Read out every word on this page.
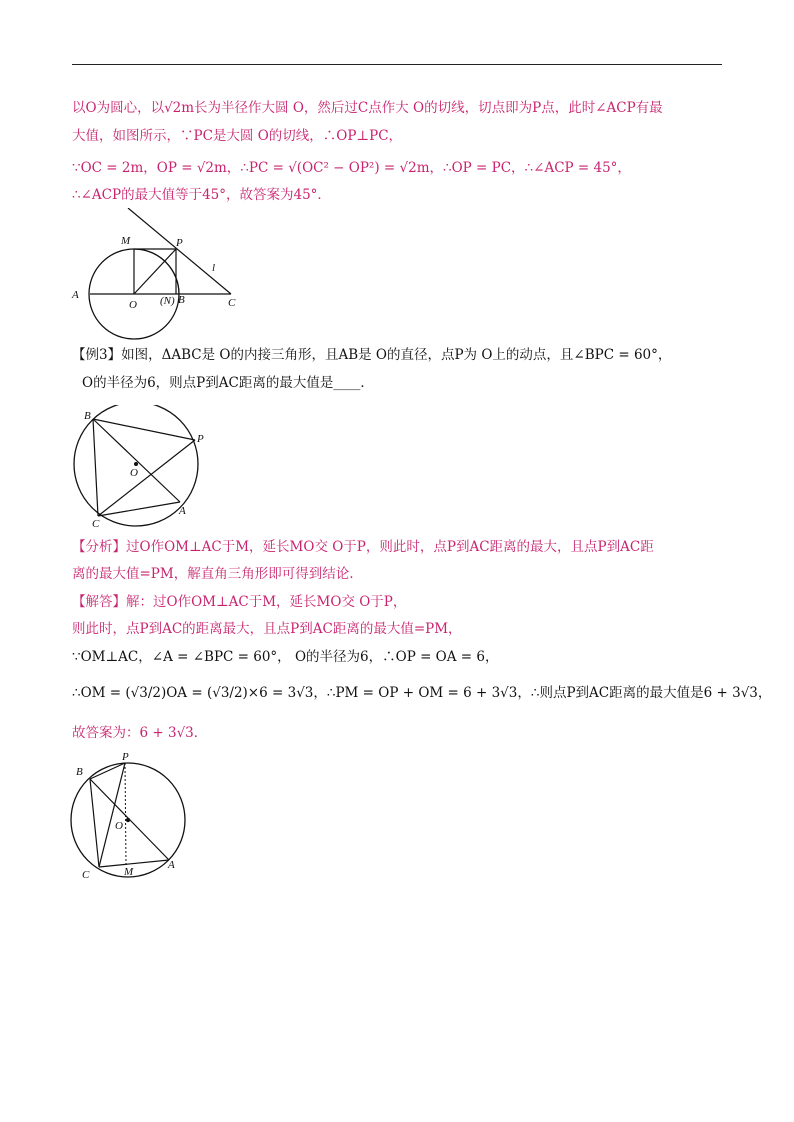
以O为圆心，以√2m长为半径作大圆 O，然后过C点作大 O的切线，切点即为P点，此时∠ACP有最
大值，如图所示，∵PC是大圆 O的切线，∴OP⊥PC，
∵OC = 2m，OP = √2m，∴PC = √(OC² − OP²) = √2m，∴OP = PC，∴∠ACP = 45°，
∴∠ACP的最大值等于45°，故答案为45°．
M	P
l
A
O (N) B	C
【例3】如图，ΔABC是 O的内接三角形，且AB是 O的直径，点P为 O上的动点，且∠BPC = 60°，
O的半径为6，则点P到AC距离的最大值是____．
B
P
O
C
A
【分析】过O作OM⊥AC于M，延长MO交 O于P，则此时，点P到AC距离的最大，且点P到AC距
离的最大值=PM，解直角三角形即可得到结论.
【解答】解：过O作OM⊥AC于M，延长MO交 O于P，
则此时，点P到AC的距离最大，且点P到AC距离的最大值=PM，
∵OM⊥AC，∠A = ∠BPC = 60°， O的半径为6，∴OP = OA = 6，
∴OM = (√3/2)OA = (√3/2)×6 = 3√3，∴PM = OP + OM = 6 + 3√3，∴则点P到AC距离的最大值是6 + 3√3，
故答案为：6 + 3√3．
B
P
O
C	M
A
